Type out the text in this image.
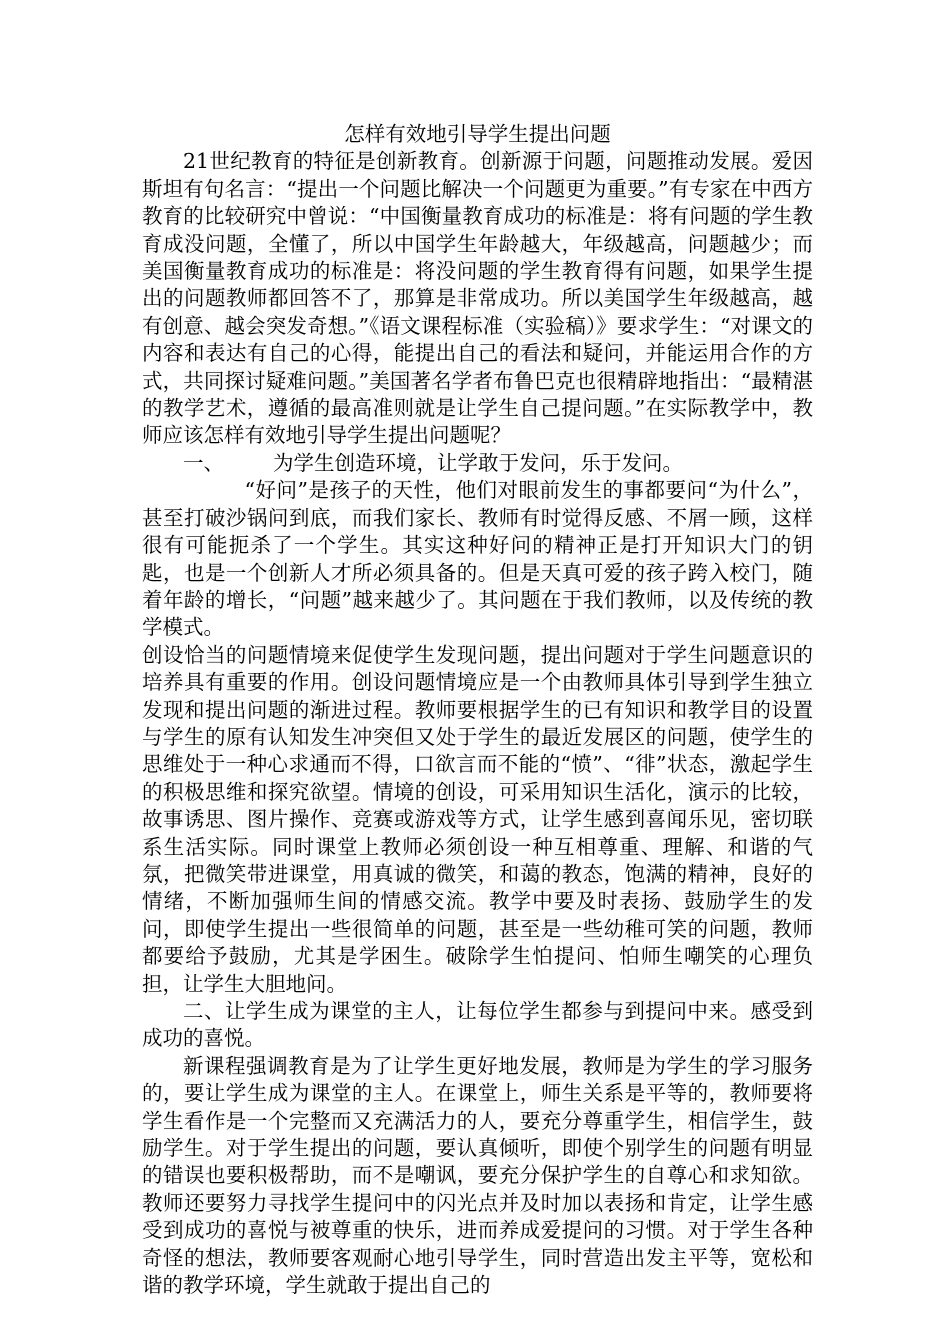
怎样有效地引导学生提出问题

21世纪教育的特征是创新教育。创新源于问题，问题推动发展。爱因斯坦有句名言：“提出一个问题比解决一个问题更为重要。”有专家在中西方教育的比较研究中曾说：“中国衡量教育成功的标准是：将有问题的学生教育成没问题，全懂了，所以中国学生年龄越大，年级越高，问题越少；而美国衡量教育成功的标准是：将没问题的学生教育得有问题，如果学生提出的问题教师都回答不了，那算是非常成功。所以美国学生年级越高，越有创意、越会突发奇想。”《语文课程标准（实验稿）》要求学生：“对课文的内容和表达有自己的心得，能提出自己的看法和疑问，并能运用合作的方式，共同探讨疑难问题。”美国著名学者布鲁巴克也很精辟地指出：“最精湛的教学艺术，遵循的最高准则就是让学生自己提问题。”在实际教学中，教师应该怎样有效地引导学生提出问题呢？

一、 为学生创造环境，让学敢于发问，乐于发问。

“好问”是孩子的天性，他们对眼前发生的事都要问“为什么”，甚至打破沙锅问到底，而我们家长、教师有时觉得反感、不屑一顾，这样很有可能扼杀了一个学生。其实这种好问的精神正是打开知识大门的钥匙，也是一个创新人才所必须具备的。但是天真可爱的孩子跨入校门，随着年龄的增长，“问题”越来越少了。其问题在于我们教师，以及传统的教学模式。

创设恰当的问题情境来促使学生发现问题，提出问题对于学生问题意识的培养具有重要的作用。创设问题情境应是一个由教师具体引导到学生独立发现和提出问题的渐进过程。教师要根据学生的已有知识和教学目的设置与学生的原有认知发生冲突但又处于学生的最近发展区的问题，使学生的思维处于一种心求通而不得，口欲言而不能的“愤”、“徘”状态，激起学生的积极思维和探究欲望。情境的创设，可采用知识生活化，演示的比较，故事诱思、图片操作、竞赛或游戏等方式，让学生感到喜闻乐见，密切联系生活实际。同时课堂上教师必须创设一种互相尊重、理解、和谐的气氛，把微笑带进课堂，用真诚的微笑，和蔼的教态，饱满的精神，良好的情绪，不断加强师生间的情感交流。教学中要及时表扬、鼓励学生的发问，即使学生提出一些很简单的问题，甚至是一些幼稚可笑的问题，教师都要给予鼓励，尤其是学困生。破除学生怕提问、怕师生嘲笑的心理负担，让学生大胆地问。

二、让学生成为课堂的主人，让每位学生都参与到提问中来。感受到成功的喜悦。

新课程强调教育是为了让学生更好地发展，教师是为学生的学习服务的，要让学生成为课堂的主人。在课堂上，师生关系是平等的，教师要将学生看作是一个完整而又充满活力的人，要充分尊重学生，相信学生，鼓励学生。对于学生提出的问题，要认真倾听，即使个别学生的问题有明显的错误也要积极帮助，而不是嘲讽，要充分保护学生的自尊心和求知欲。教师还要努力寻找学生提问中的闪光点并及时加以表扬和肯定，让学生感受到成功的喜悦与被尊重的快乐，进而养成爱提问的习惯。对于学生各种奇怪的想法，教师要客观耐心地引导学生，同时营造出发主平等，宽松和谐的教学环境，学生就敢于提出自己的
